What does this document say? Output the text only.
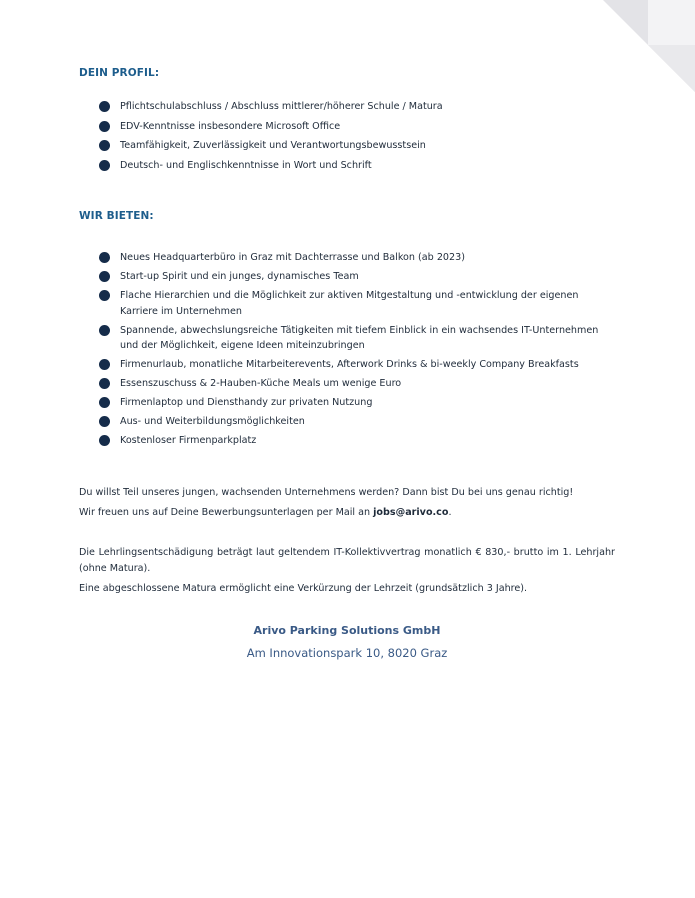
DEIN PROFIL:
Pflichtschulabschluss / Abschluss mittlerer/höherer Schule / Matura
EDV-Kenntnisse insbesondere Microsoft Office
Teamfähigkeit, Zuverlässigkeit und Verantwortungsbewusstsein
Deutsch- und Englischkenntnisse in Wort und Schrift
WIR BIETEN:
Neues Headquarterbüro in Graz mit Dachterrasse und Balkon (ab 2023)
Start-up Spirit und ein junges, dynamisches Team
Flache Hierarchien und die Möglichkeit zur aktiven Mitgestaltung und -entwicklung der eigenen Karriere im Unternehmen
Spannende, abwechslungsreiche Tätigkeiten mit tiefem Einblick in ein wachsendes IT-Unternehmen und der Möglichkeit, eigene Ideen miteinzubringen
Firmenurlaub, monatliche Mitarbeiterevents, Afterwork Drinks & bi-weekly Company Breakfasts
Essenszuschuss & 2-Hauben-Küche Meals um wenige Euro
Firmenlaptop und Diensthandy zur privaten Nutzung
Aus- und Weiterbildungsmöglichkeiten
Kostenloser Firmenparkplatz

Du willst Teil unseres jungen, wachsenden Unternehmens werden? Dann bist Du bei uns genau richtig!

Wir freuen uns auf Deine Bewerbungsunterlagen per Mail an jobs@arivo.co.

Die Lehrlingsentschädigung beträgt laut geltendem IT-Kollektivvertrag monatlich € 830,- brutto im 1. Lehrjahr (ohne Matura).

Eine abgeschlossene Matura ermöglicht eine Verkürzung der Lehrzeit (grundsätzlich 3 Jahre).

Arivo Parking Solutions GmbH
Am Innovationspark 10, 8020 Graz
